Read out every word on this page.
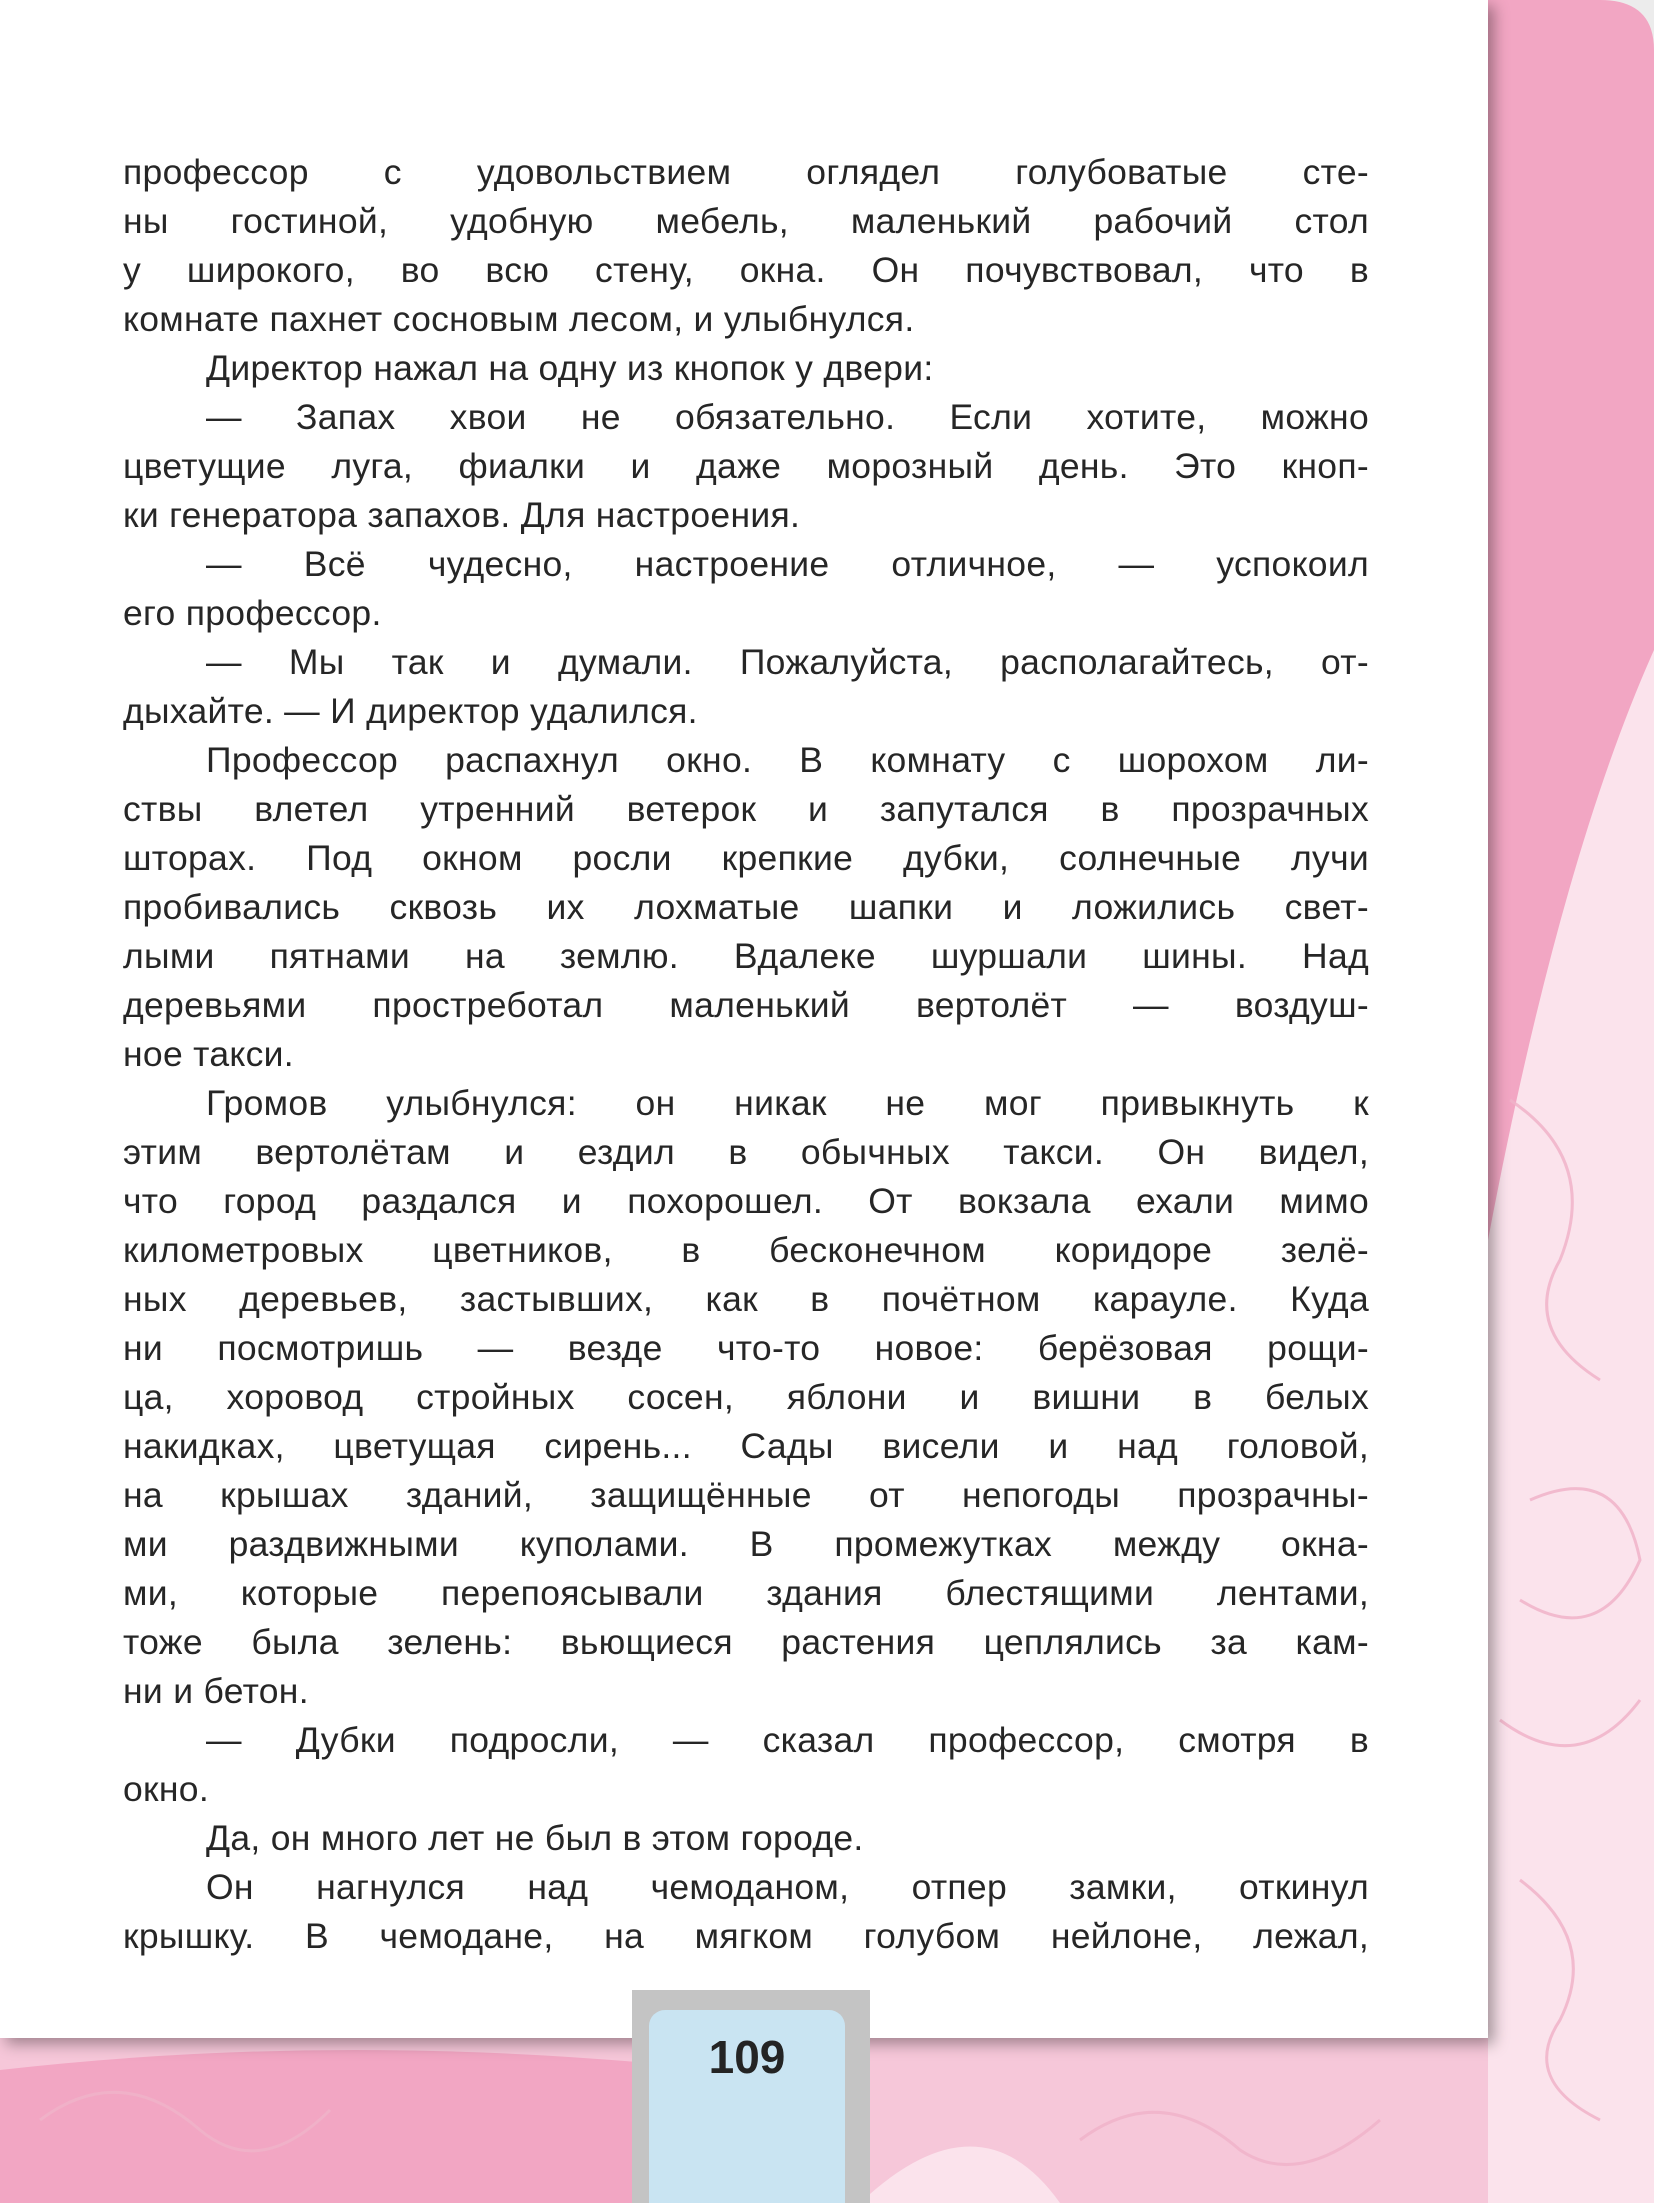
профессор с удовольствием оглядел голубоватые сте-
ны гостиной, удобную мебель, маленький рабочий стол
у широкого, во всю стену, окна. Он почувствовал, что в
комнате пахнет сосновым лесом, и улыбнулся.
Директор нажал на одну из кнопок у двери:
— Запах хвои не обязательно. Если хотите, можно
цветущие луга, фиалки и даже морозный день. Это кноп-
ки генератора запахов. Для настроения.
— Всё чудесно, настроение отличное, — успокоил
его профессор.
— Мы так и думали. Пожалуйста, располагайтесь, от-
дыхайте. — И директор удалился.
Профессор распахнул окно. В комнату с шорохом ли-
ствы влетел утренний ветерок и запутался в прозрачных
шторах. Под окном росли крепкие дубки, солнечные лучи
пробивались сквозь их лохматые шапки и ложились свет-
лыми пятнами на землю. Вдалеке шуршали шины. Над
деревьями простреботал маленький вертолёт — воздуш-
ное такси.
Громов улыбнулся: он никак не мог привыкнуть к
этим вертолётам и ездил в обычных такси. Он видел,
что город раздался и похорошел. От вокзала ехали мимо
километровых цветников, в бесконечном коридоре зелё-
ных деревьев, застывших, как в почётном карауле. Куда
ни посмотришь — везде что-то новое: берёзовая рощи-
ца, хоровод стройных сосен, яблони и вишни в белых
накидках, цветущая сирень... Сады висели и над головой,
на крышах зданий, защищённые от непогоды прозрачны-
ми раздвижными куполами. В промежутках между окна-
ми, которые перепоясывали здания блестящими лентами,
тоже была зелень: вьющиеся растения цеплялись за кам-
ни и бетон.
— Дубки подросли, — сказал профессор, смотря в
окно.
Да, он много лет не был в этом городе.
Он нагнулся над чемоданом, отпер замки, откинул
крышку. В чемодане, на мягком голубом нейлоне, лежал,
109
